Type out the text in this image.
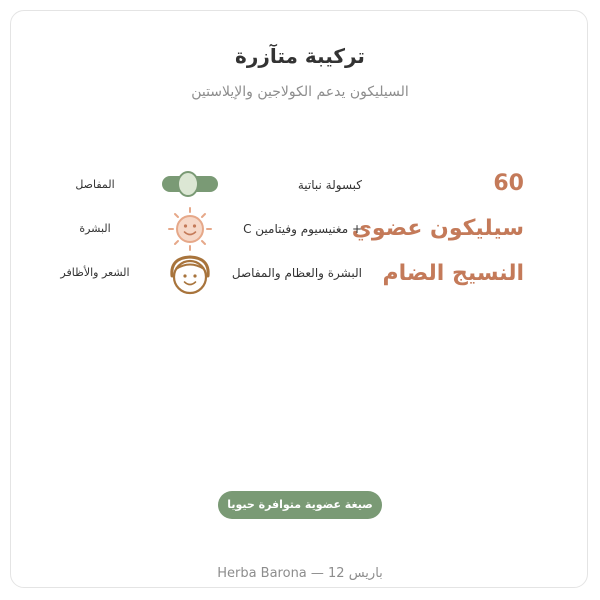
تركيبة متآزرة
السيليكون يدعم الكولاجين والإيلاستين
60
كبسولة نباتية
المفاصل
سيليكون عضوي
+ مغنيسيوم وفيتامين C
البشرة
النسيج الضام
البشرة والعظام والمفاصل
الشعر والأظافر
صيغة عضوية متوافرة حيويا
Herba Barona — 12 باريس
